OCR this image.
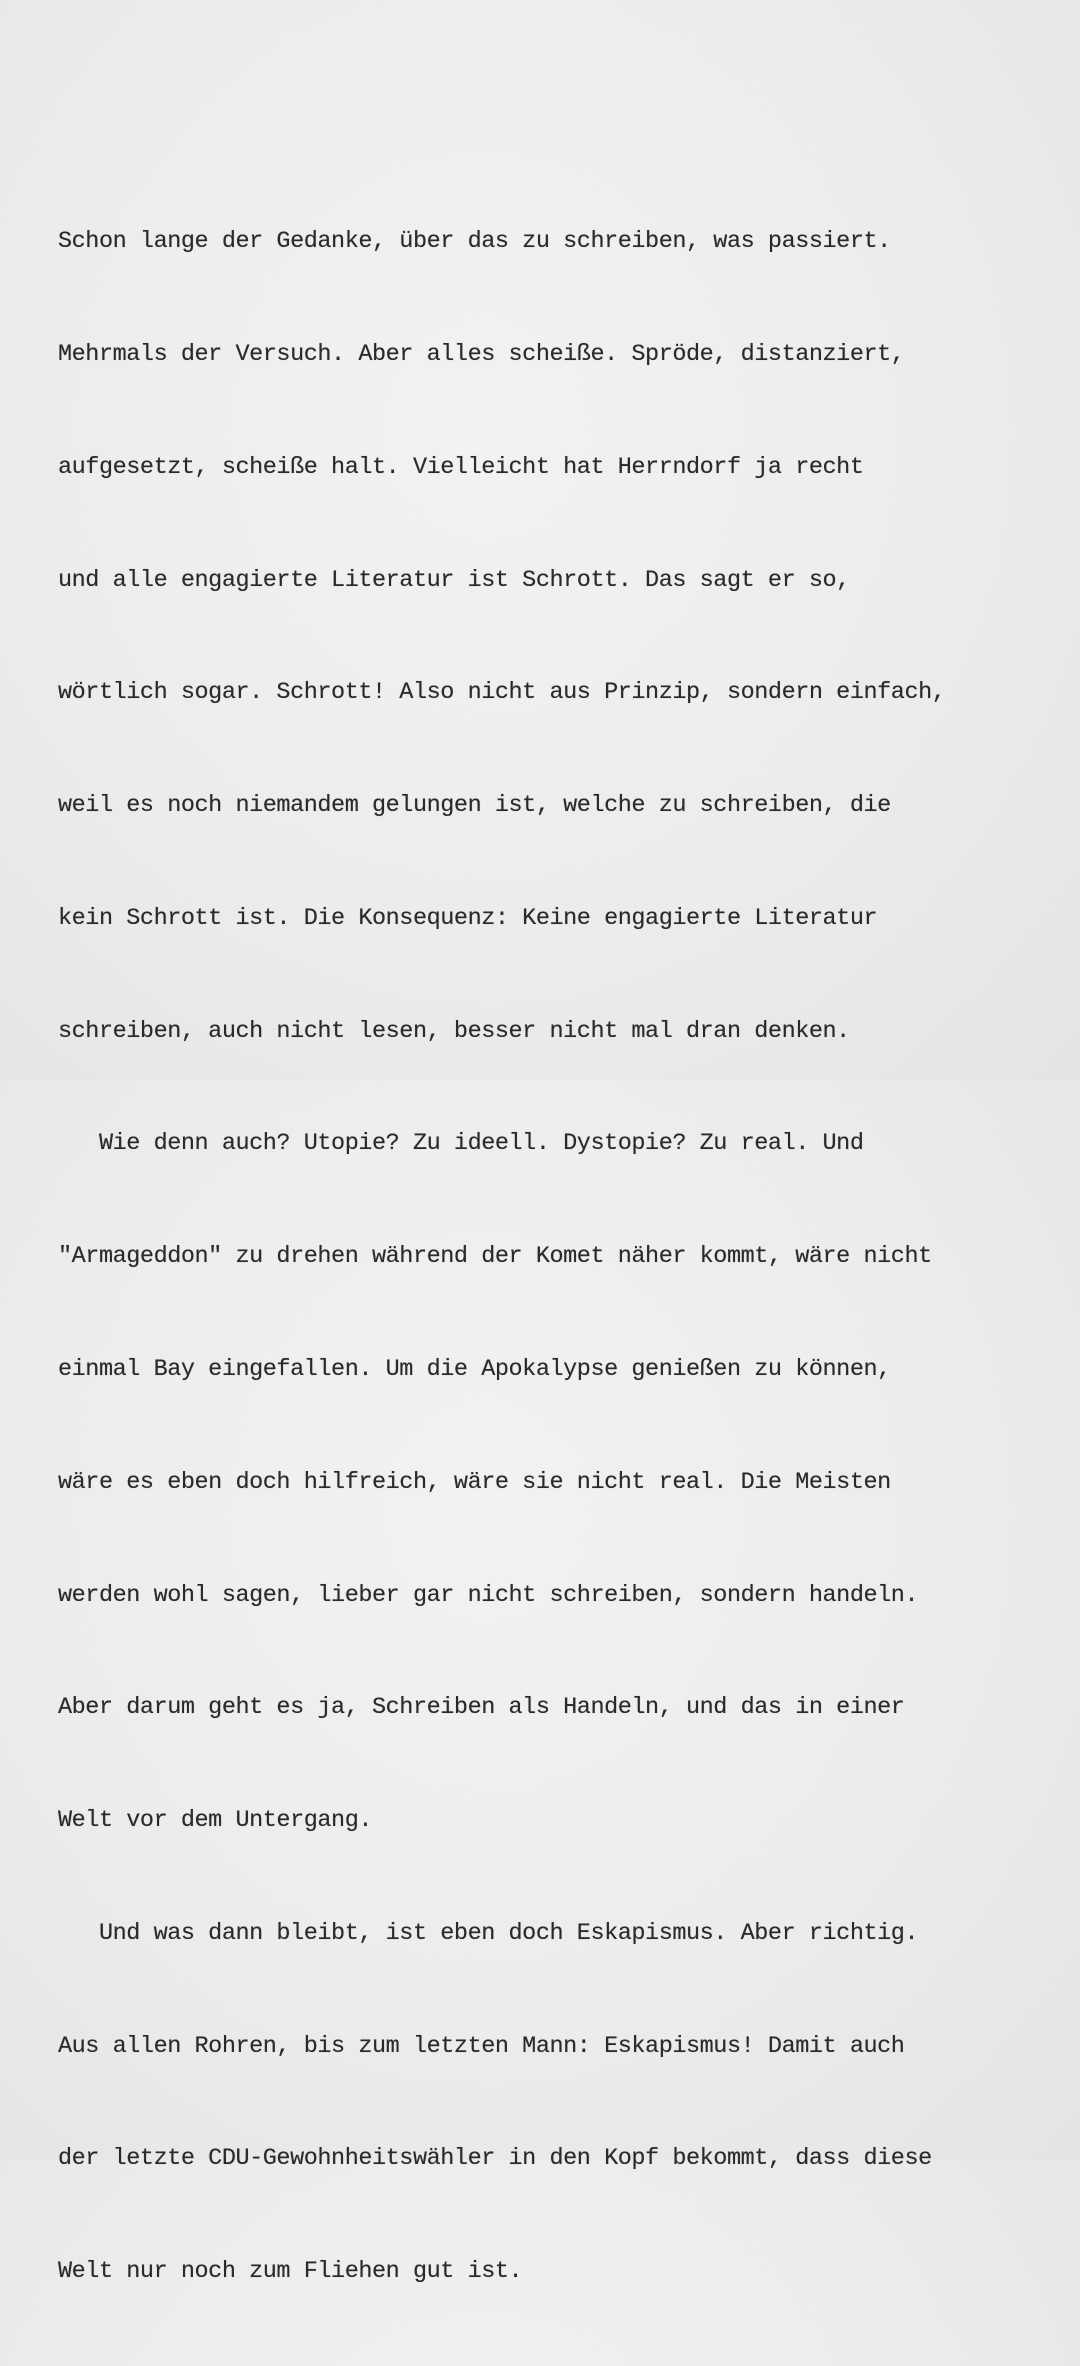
Schon lange der Gedanke, über das zu schreiben, was passiert.

Mehrmals der Versuch. Aber alles scheiße. Spröde, distanziert,

aufgesetzt, scheiße halt. Vielleicht hat Herrndorf ja recht

und alle engagierte Literatur ist Schrott. Das sagt er so,

wörtlich sogar. Schrott! Also nicht aus Prinzip, sondern einfach,

weil es noch niemandem gelungen ist, welche zu schreiben, die

kein Schrott ist. Die Konsequenz: Keine engagierte Literatur

schreiben, auch nicht lesen, besser nicht mal dran denken.

Wie denn auch? Utopie? Zu ideell. Dystopie? Zu real. Und

"Armageddon" zu drehen während der Komet näher kommt, wäre nicht

einmal Bay eingefallen. Um die Apokalypse genießen zu können,

wäre es eben doch hilfreich, wäre sie nicht real. Die Meisten

werden wohl sagen, lieber gar nicht schreiben, sondern handeln.

Aber darum geht es ja, Schreiben als Handeln, und das in einer

Welt vor dem Untergang.

Und was dann bleibt, ist eben doch Eskapismus. Aber richtig.

Aus allen Rohren, bis zum letzten Mann: Eskapismus! Damit auch

der letzte CDU-Gewohnheitswähler in den Kopf bekommt, dass diese

Welt nur noch zum Fliehen gut ist.
